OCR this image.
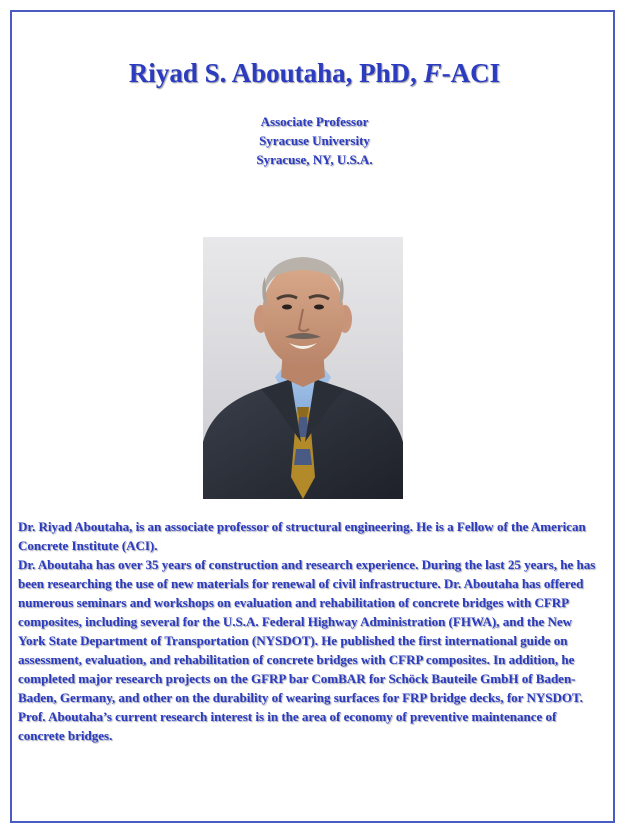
Riyad S. Aboutaha, PhD, F-ACI
Associate Professor
Syracuse University
Syracuse, NY, U.S.A.

Dr. Riyad Aboutaha, is an associate professor of structural engineering. He is a Fellow of the American Concrete Institute (ACI).

Dr. Aboutaha has over 35 years of construction and research experience. During the last 25 years, he has been researching the use of new materials for renewal of civil infrastructure. Dr. Aboutaha has offered numerous seminars and workshops on evaluation and rehabilitation of concrete bridges with CFRP composites, including several for the U.S.A. Federal Highway Administration (FHWA), and the New York State Department of Transportation (NYSDOT). He published the first international guide on assessment, evaluation, and rehabilitation of concrete bridges with CFRP composites. In addition, he completed major research projects on the GFRP bar ComBAR for Schöck Bauteile GmbH of Baden-Baden, Germany, and other on the durability of wearing surfaces for FRP bridge decks, for NYSDOT. Prof. Aboutaha’s current research interest is in the area of economy of preventive maintenance of concrete bridges.
